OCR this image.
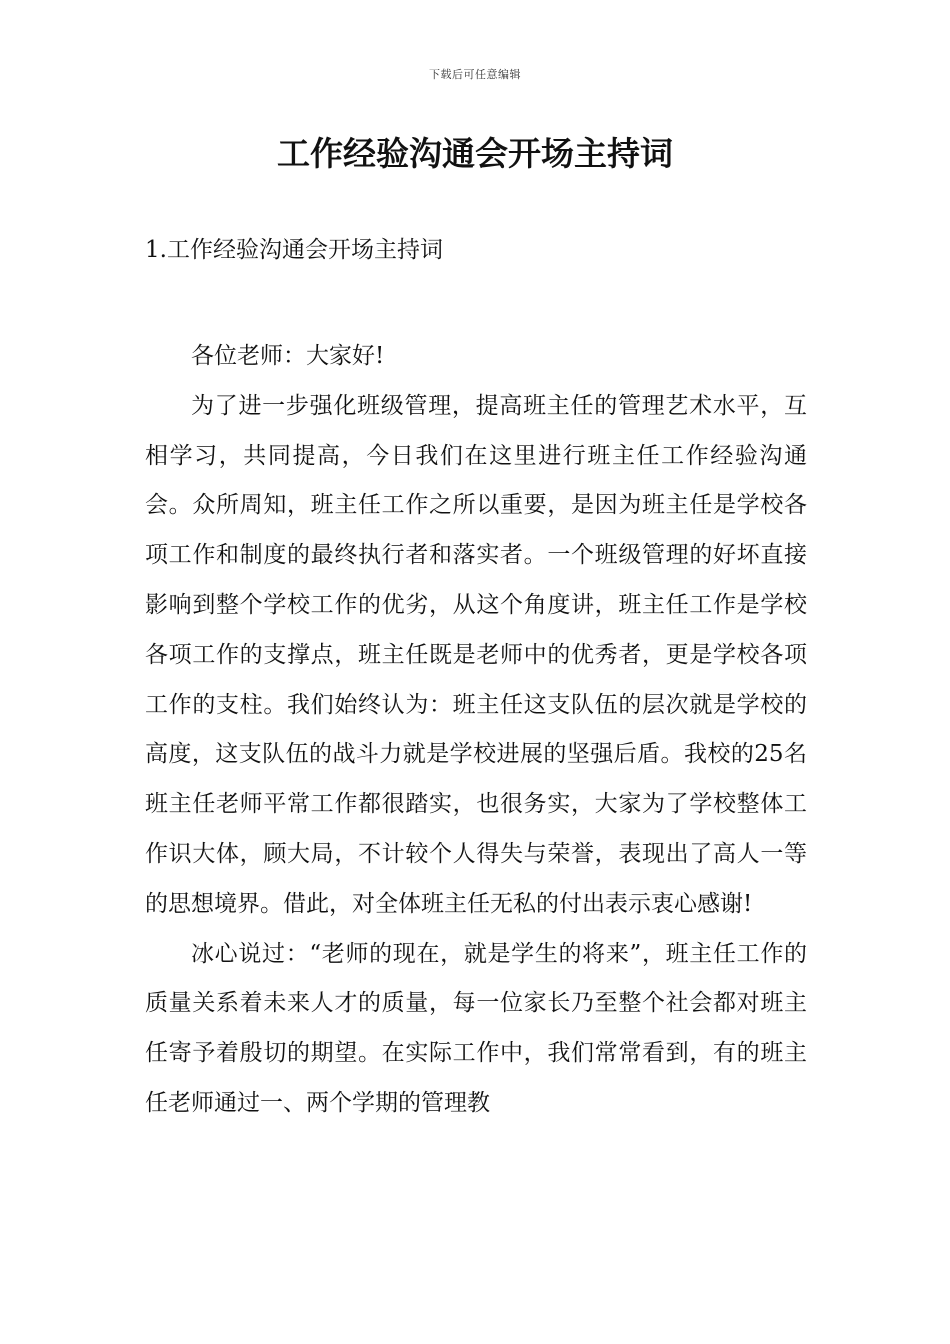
下载后可任意编辑
工作经验沟通会开场主持词
1.工作经验沟通会开场主持词

各位老师：大家好!

为了进一步强化班级管理，提高班主任的管理艺术水平，互相学习，共同提高，今日我们在这里进行班主任工作经验沟通会。众所周知，班主任工作之所以重要，是因为班主任是学校各项工作和制度的最终执行者和落实者。一个班级管理的好坏直接影响到整个学校工作的优劣，从这个角度讲，班主任工作是学校各项工作的支撑点，班主任既是老师中的优秀者，更是学校各项工作的支柱。我们始终认为：班主任这支队伍的层次就是学校的高度，这支队伍的战斗力就是学校进展的坚强后盾。我校的25名班主任老师平常工作都很踏实，也很务实，大家为了学校整体工作识大体，顾大局，不计较个人得失与荣誉，表现出了高人一等的思想境界。借此，对全体班主任无私的付出表示衷心感谢!

冰心说过：“老师的现在，就是学生的将来”，班主任工作的质量关系着未来人才的质量，每一位家长乃至整个社会都对班主任寄予着殷切的期望。在实际工作中，我们常常看到，有的班主任老师通过一、两个学期的管理教
